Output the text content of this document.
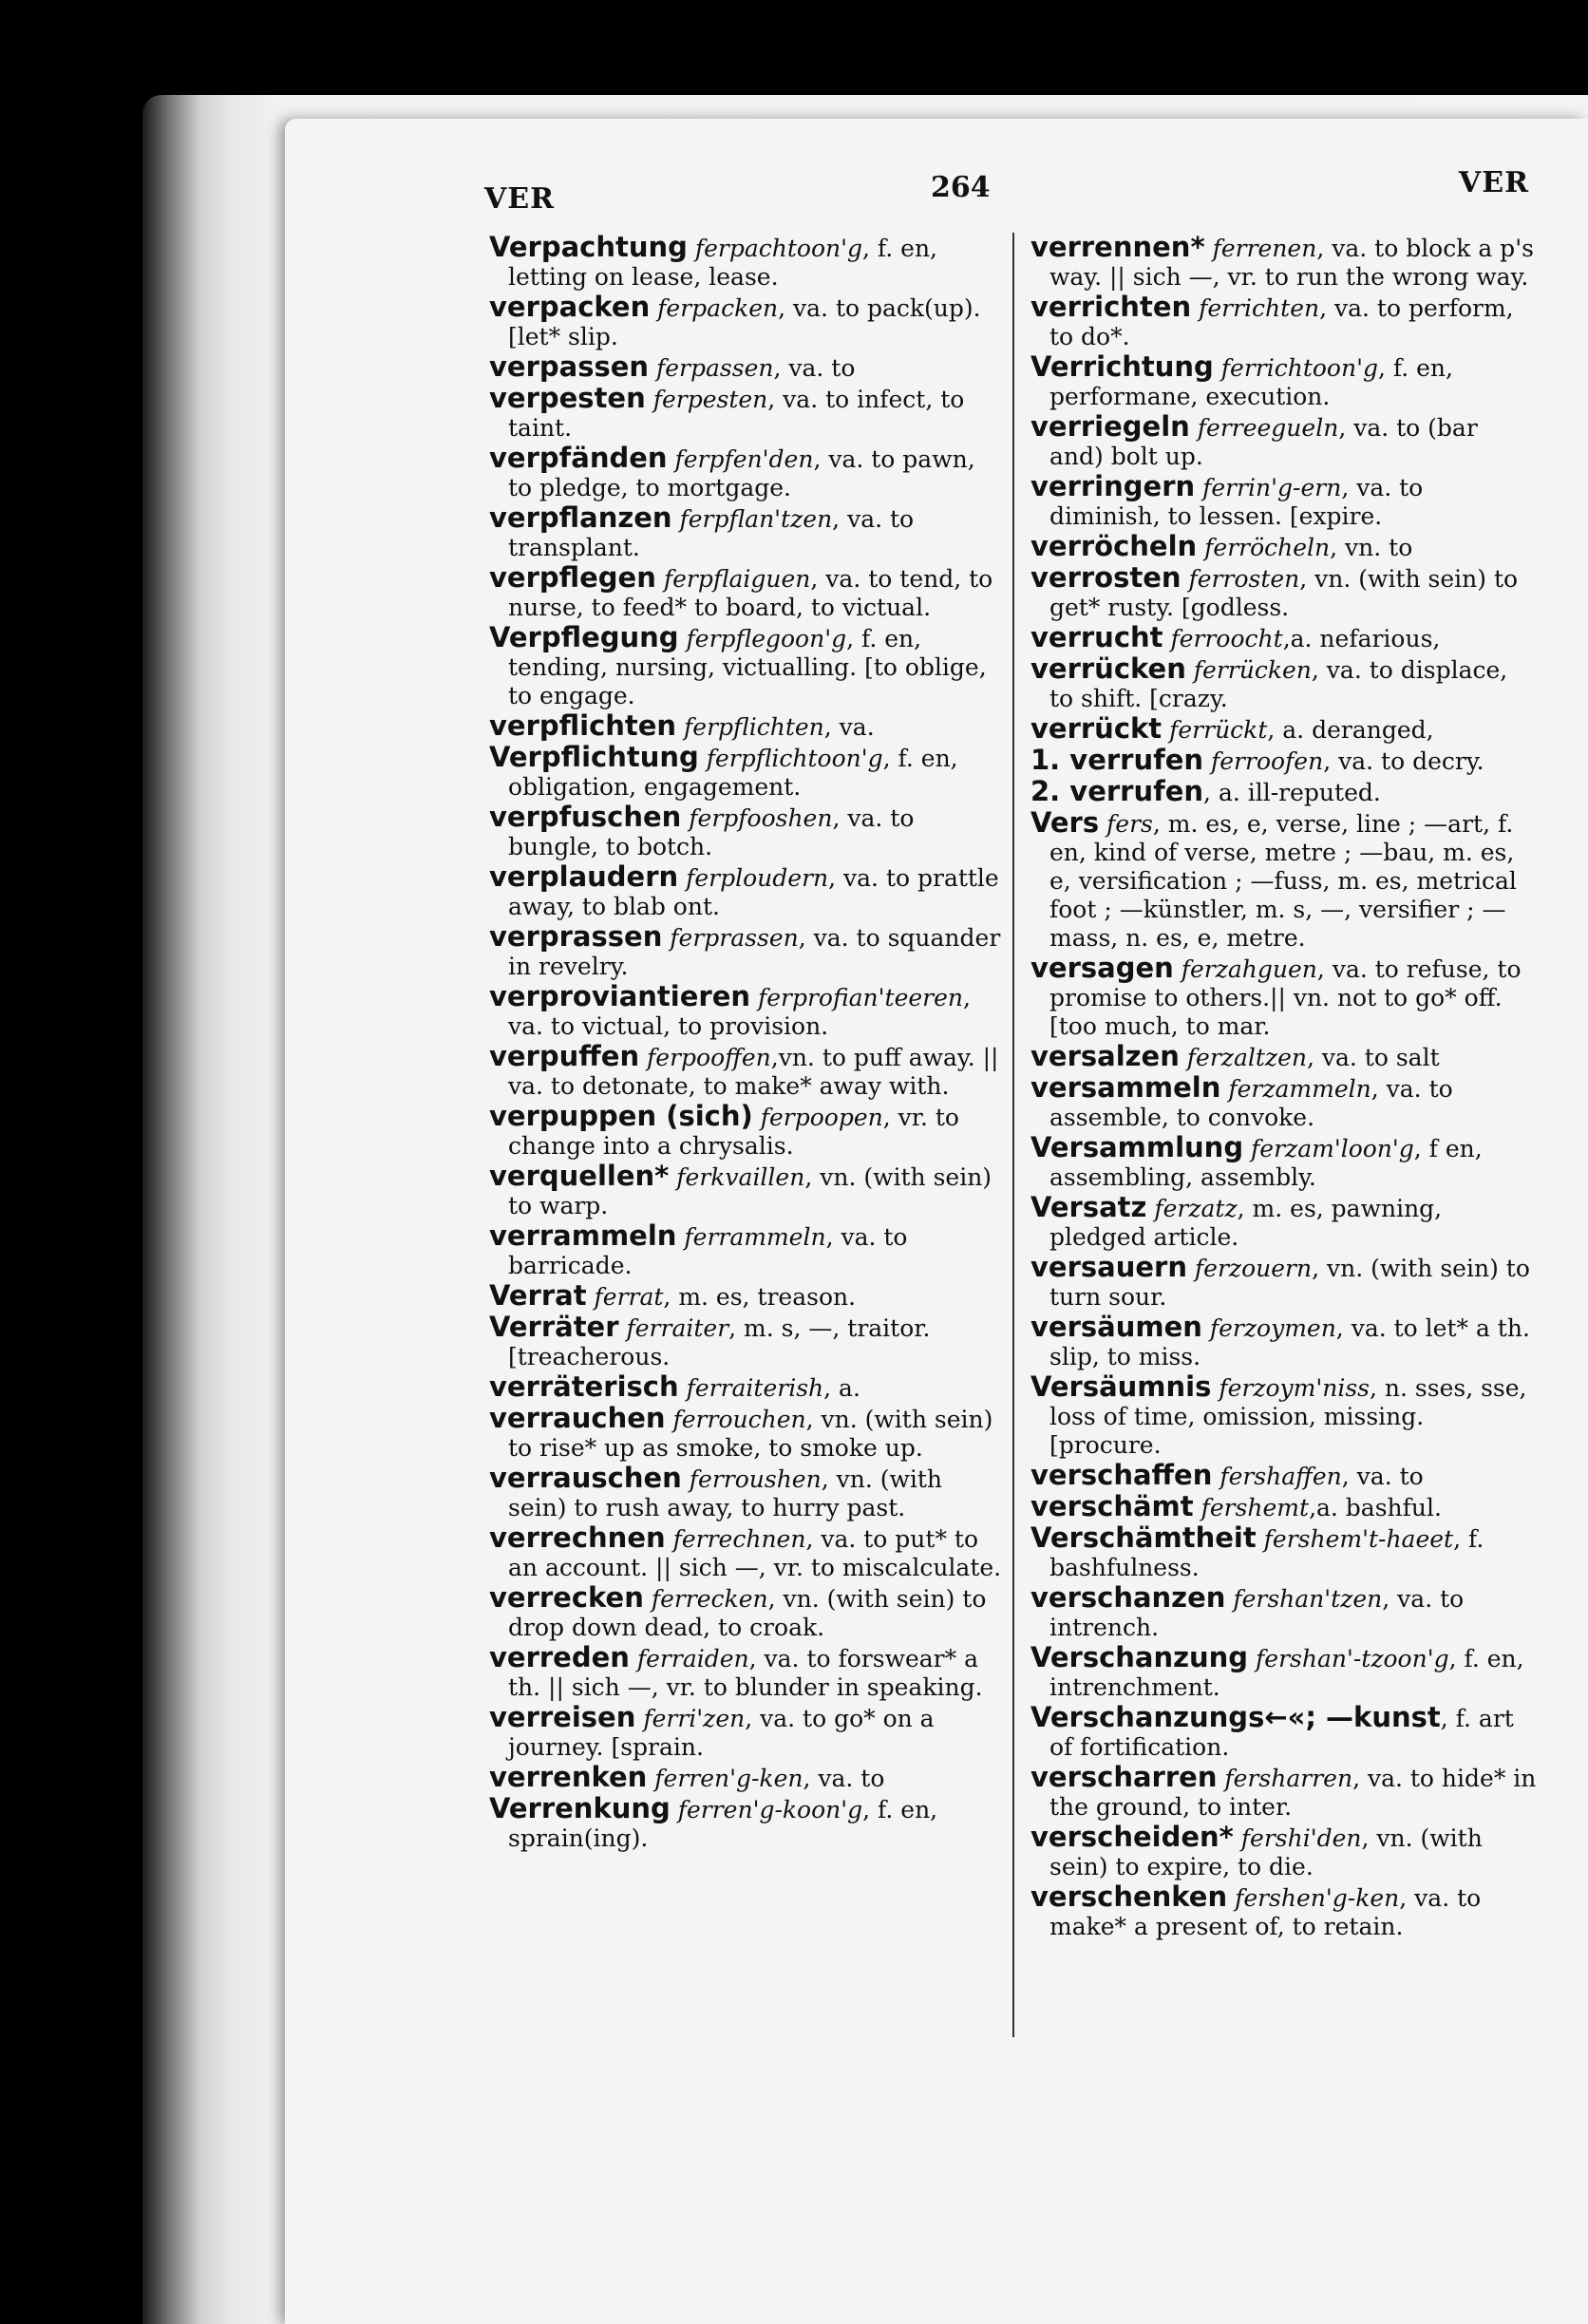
VER	264	VER
Verpachtung ferpachtoon'g, f. en, letting on lease, lease.
verpacken ferpacken, va. to pack(up). [let* slip.
verpassen ferpassen, va. to
verpesten ferpesten, va. to infect, to taint.
verpfänden ferpfen'den, va. to pawn, to pledge, to mortgage.
verpflanzen ferpflan'tzen, va. to transplant.
verpflegen ferpflaiguen, va. to tend, to nurse, to feed* to board, to victual.
Verpflegung ferpflegoon'g, f. en, tending, nursing, victualling. [to oblige, to engage.
verpflichten ferpflichten, va.
Verpflichtung ferpflichtoon'g, f. en, obligation, engagement.
verpfuschen ferpfooshen, va. to bungle, to botch.
verplaudern ferploudern, va. to prattle away, to blab ont.
verprassen ferprassen, va. to squander in revelry.
verproviantieren ferprofian'teeren, va. to victual, to provision.
verpuffen ferpooffen,vn. to puff away. || va. to detonate, to make* away with.
verpuppen (sich) ferpoopen, vr. to change into a chrysalis.
verquellen* ferkvaillen, vn. (with sein) to warp.
verrammeln ferrammeln, va. to barricade.
Verrat ferrat, m. es, treason.
Verräter ferraiter, m. s, —, traitor. [treacherous.
verräterisch ferraiterish, a.
verrauchen ferrouchen, vn. (with sein) to rise* up as smoke, to smoke up.
verrauschen ferroushen, vn. (with sein) to rush away, to hurry past.
verrechnen ferrechnen, va. to put* to an account. || sich —, vr. to miscalculate.
verrecken ferrecken, vn. (with sein) to drop down dead, to croak.
verreden ferraiden, va. to forswear* a th. || sich —, vr. to blunder in speaking.
verreisen ferri'zen, va. to go* on a journey. [sprain.
verrenken ferren'g-ken, va. to
Verrenkung ferren'g-koon'g, f. en, sprain(ing).
verrennen* ferrenen, va. to block a p's way. || sich —, vr. to run the wrong way.
verrichten ferrichten, va. to perform, to do*.
Verrichtung ferrichtoon'g, f. en, performane, execution.
verriegeln ferreegueln, va. to (bar and) bolt up.
verringern ferrin'g-ern, va. to diminish, to lessen. [expire.
verröcheln ferröcheln, vn. to
verrosten ferrosten, vn. (with sein) to get* rusty. [godless.
verrucht ferroocht,a. nefarious,
verrücken ferrücken, va. to displace, to shift. [crazy.
verrückt ferrückt, a. deranged,
1. verrufen ferroofen, va. to decry.
2. verrufen, a. ill-reputed.
Vers fers, m. es, e, verse, line ; —art, f. en, kind of verse, metre ; —bau, m. es, e, versification ; —fuss, m. es, metrical foot ; —künstler, m. s, —, versifier ; —mass, n. es, e, metre.
versagen ferzahguen, va. to refuse, to promise to others.|| vn. not to go* off.[too much, to mar.
versalzen ferzaltzen, va. to salt
versammeln ferzammeln, va. to assemble, to convoke.
Versammlung ferzam'loon'g, f en, assembling, assembly.
Versatz ferzatz, m. es, pawning, pledged article.
versauern ferzouern, vn. (with sein) to turn sour.
versäumen ferzoymen, va. to let* a th. slip, to miss.
Versäumnis ferzoym'niss, n. sses, sse, loss of time, omission, missing. [procure.
verschaffen fershaffen, va. to
verschämt fershemt,a. bashful.
Verschämtheit fershem't-haeet, f. bashfulness.
verschanzen fershan'tzen, va. to intrench.
Verschanzung fershan'-tzoon'g, f. en, intrenchment.
Verschanzungs←«; —kunst, f. art of fortification.
verscharren fersharren, va. to hide* in the ground, to inter.
verscheiden* fershi'den, vn. (with sein) to expire, to die.
verschenken fershen'g-ken, va. to make* a present of, to retain.
